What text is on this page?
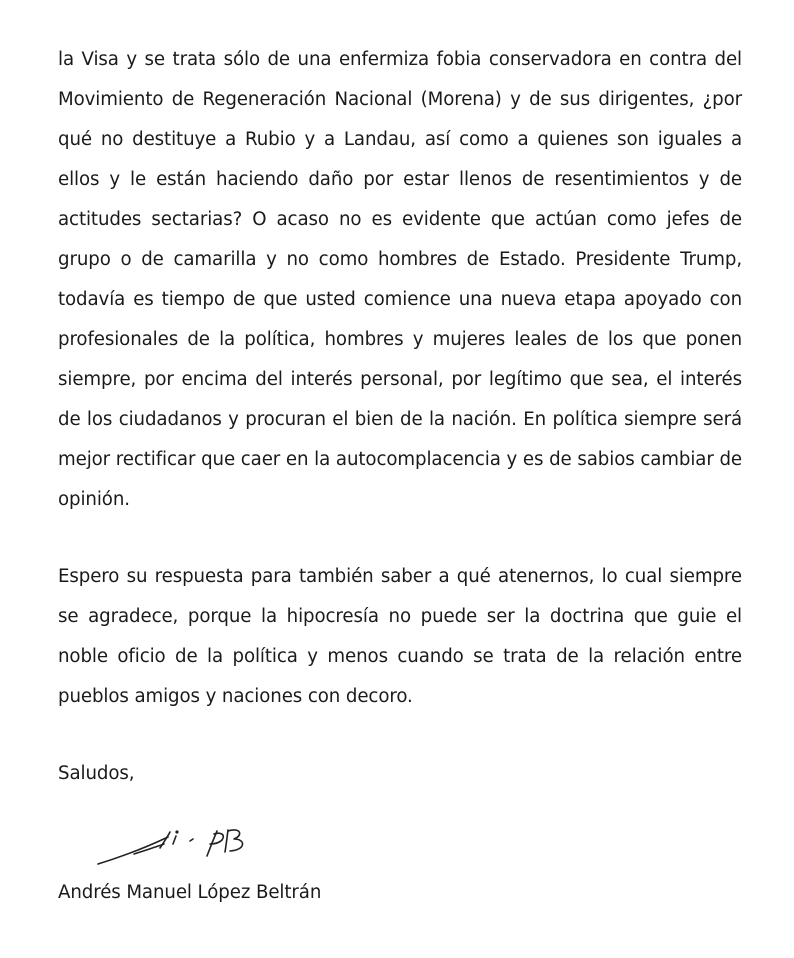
la Visa y se trata sólo de una enfermiza fobia conservadora en contra del Movimiento de Regeneración Nacional (Morena) y de sus dirigentes, ¿por qué no destituye a Rubio y a Landau, así como a quienes son iguales a ellos y le están haciendo daño por estar llenos de resentimientos y de actitudes sectarias? O acaso no es evidente que actúan como jefes de grupo o de camarilla y no como hombres de Estado. Presidente Trump, todavía es tiempo de que usted comience una nueva etapa apoyado con profesionales de la política, hombres y mujeres leales de los que ponen siempre, por encima del interés personal, por legítimo que sea, el interés de los ciudadanos y procuran el bien de la nación. En política siempre será mejor rectificar que caer en la autocomplacencia y es de sabios cambiar de opinión.

Espero su respuesta para también saber a qué atenernos, lo cual siempre se agradece, porque la hipocresía no puede ser la doctrina que guie el noble oficio de la política y menos cuando se trata de la relación entre pueblos amigos y naciones con decoro.

Saludos,

Andrés Manuel López Beltrán
